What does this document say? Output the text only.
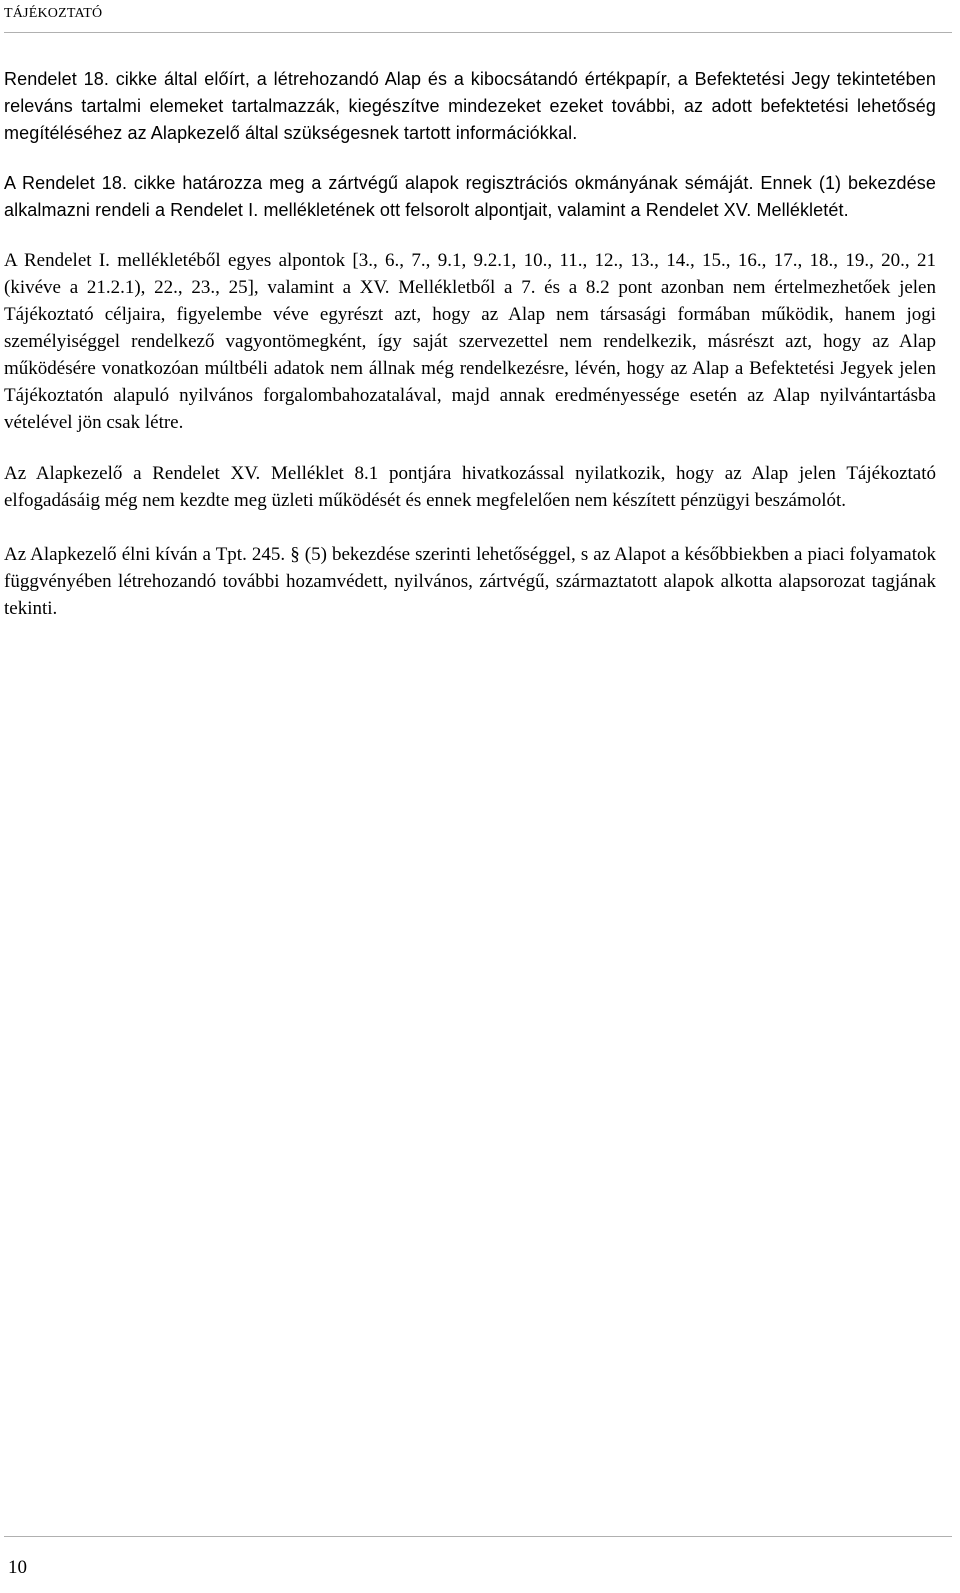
TÁJÉKOZTATÓ

Rendelet 18. cikke által előírt, a létrehozandó Alap és a kibocsátandó értékpapír, a Befektetési Jegy tekintetében releváns tartalmi elemeket tartalmazzák, kiegészítve mindezeket ezeket további, az adott befektetési lehetőség megítéléséhez az Alapkezelő által szükségesnek tartott információkkal.

A Rendelet 18. cikke határozza meg a zártvégű alapok regisztrációs okmányának sémáját. Ennek (1) bekezdése alkalmazni rendeli a Rendelet I. mellékletének ott felsorolt alpontjait, valamint a Rendelet XV. Mellékletét.

A Rendelet I. mellékletéből egyes alpontok [3., 6., 7., 9.1, 9.2.1, 10., 11., 12., 13., 14., 15., 16., 17., 18., 19., 20., 21 (kivéve a 21.2.1), 22., 23., 25], valamint a XV. Mellékletből a 7. és a 8.2 pont azonban nem értelmezhetőek jelen Tájékoztató céljaira, figyelembe véve egyrészt azt, hogy az Alap nem társasági formában működik, hanem jogi személyiséggel rendelkező vagyontömegként, így saját szervezettel nem rendelkezik, másrészt azt, hogy az Alap működésére vonatkozóan múltbéli adatok nem állnak még rendelkezésre, lévén, hogy az Alap a Befektetési Jegyek jelen Tájékoztatón alapuló nyilvános forgalombahozatalával, majd annak eredményessége esetén az Alap nyilvántartásba vételével jön csak létre.

Az Alapkezelő a Rendelet XV. Melléklet 8.1 pontjára hivatkozással nyilatkozik, hogy az Alap jelen Tájékoztató elfogadásáig még nem kezdte meg üzleti működését és ennek megfelelően nem készített pénzügyi beszámolót.

Az Alapkezelő élni kíván a Tpt. 245. § (5) bekezdése szerinti lehetőséggel, s az Alapot a későbbiekben a piaci folyamatok függvényében létrehozandó további hozamvédett, nyilvános, zártvégű, származtatott alapok alkotta alapsorozat tagjának tekinti.

10
